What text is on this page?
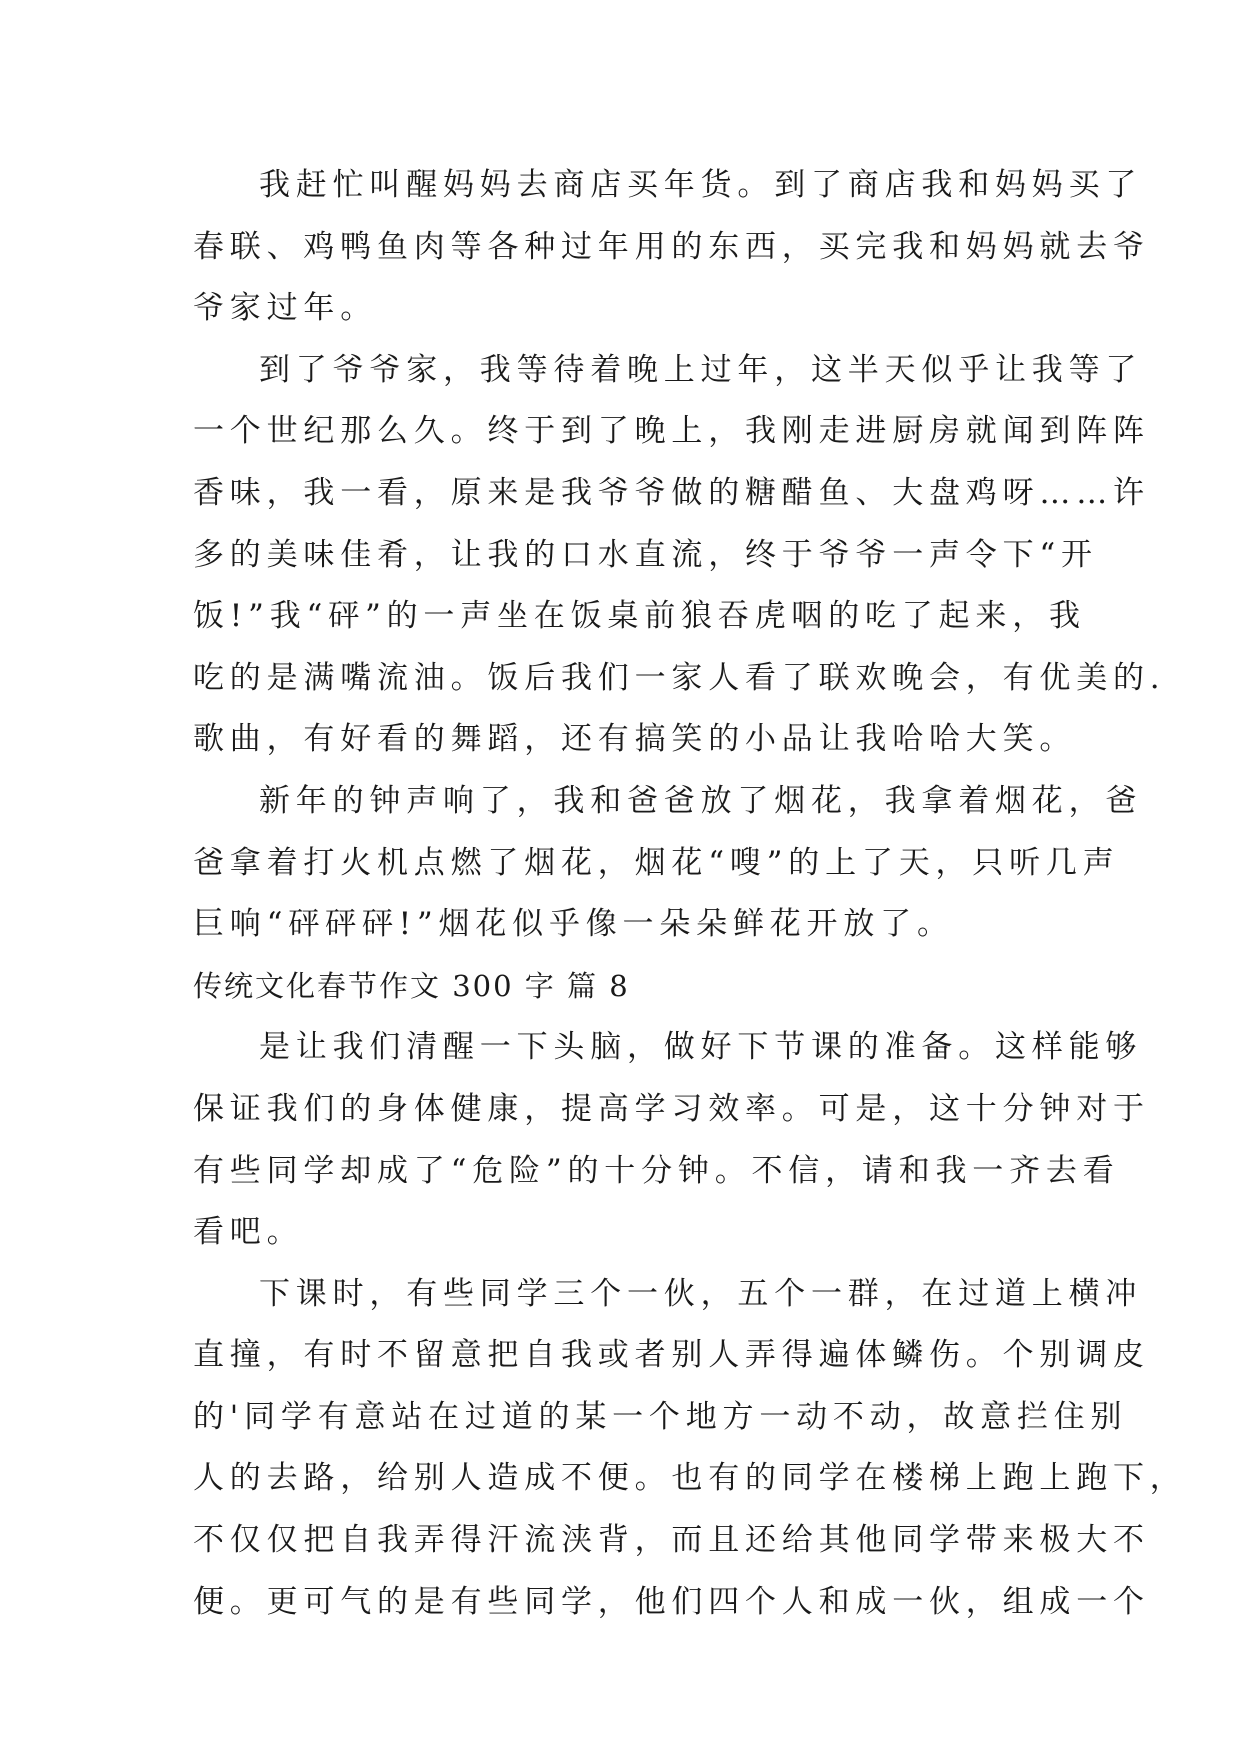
我赶忙叫醒妈妈去商店买年货。到了商店我和妈妈买了
春联、鸡鸭鱼肉等各种过年用的东西，买完我和妈妈就去爷
爷家过年。
到了爷爷家，我等待着晚上过年，这半天似乎让我等了
一个世纪那么久。终于到了晚上，我刚走进厨房就闻到阵阵
香味，我一看，原来是我爷爷做的糖醋鱼、大盘鸡呀……许
多的美味佳肴，让我的口水直流，终于爷爷一声令下“开
饭!”我“砰”的一声坐在饭桌前狼吞虎咽的吃了起来，我
吃的是满嘴流油。饭后我们一家人看了联欢晚会，有优美的.
歌曲，有好看的舞蹈，还有搞笑的小品让我哈哈大笑。
新年的钟声响了，我和爸爸放了烟花，我拿着烟花，爸
爸拿着打火机点燃了烟花，烟花“嗖”的上了天，只听几声
巨响“砰砰砰!”烟花似乎像一朵朵鲜花开放了。
传统文化春节作文 300 字 篇 8
是让我们清醒一下头脑，做好下节课的准备。这样能够
保证我们的身体健康，提高学习效率。可是，这十分钟对于
有些同学却成了“危险”的十分钟。不信，请和我一齐去看
看吧。
下课时，有些同学三个一伙，五个一群，在过道上横冲
直撞，有时不留意把自我或者别人弄得遍体鳞伤。个别调皮
的'同学有意站在过道的某一个地方一动不动，故意拦住别
人的去路，给别人造成不便。也有的同学在楼梯上跑上跑下，
不仅仅把自我弄得汗流浃背，而且还给其他同学带来极大不
便。更可气的是有些同学，他们四个人和成一伙，组成一个
